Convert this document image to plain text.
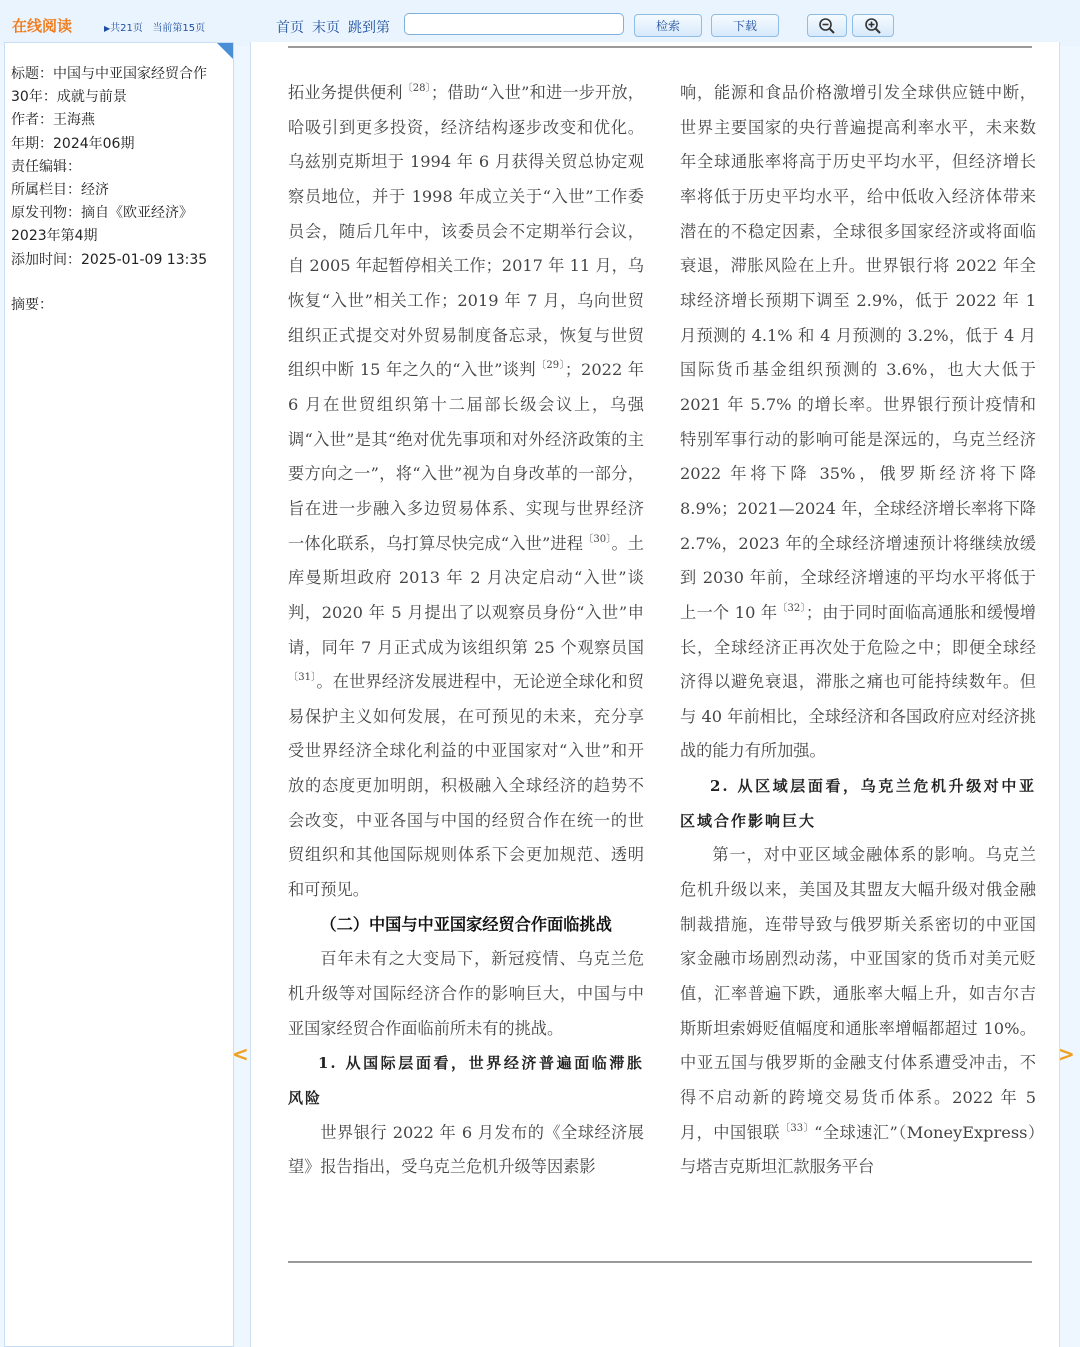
在线阅读	▶共21页 当前第15页	首页 末页 跳到第	检索	下载
标题：中国与中亚国家经贸合作
30年：成就与前景
作者：王海燕
年期：2024年06期
责任编辑：
所属栏目：经济
原发刊物：摘自《欧亚经济》
2023年第4期
添加时间：2025-01-09 13:35
摘要：

拓业务提供便利$^{〔28〕}$；借助“入世”和进一步开放，哈吸引到更多投资，经济结构逐步改变和优化。乌兹别克斯坦于 1994 年 6 月获得关贸总协定观察员地位，并于 1998 年成立关于“入世”工作委员会，随后几年中，该委员会不定期举行会议，自 2005 年起暂停相关工作；2017 年 11 月，乌恢复“入世”相关工作；2019 年 7 月，乌向世贸组织正式提交对外贸易制度备忘录，恢复与世贸组织中断 15 年之久的“入世”谈判$^{〔29〕}$；2022 年 6 月在世贸组织第十二届部长级会议上，乌强调“入世”是其“绝对优先事项和对外经济政策的主要方向之一”，将“入世”视为自身改革的一部分，旨在进一步融入多边贸易体系、实现与世界经济一体化联系，乌打算尽快完成“入世”进程$^{〔30〕}$。土库曼斯坦政府 2013 年 2 月决定启动“入世”谈判，2020 年 5 月提出了以观察员身份“入世”申请，同年 7 月正式成为该组织第 25 个观察员国$^{〔31〕}$。在世界经济发展进程中，无论逆全球化和贸易保护主义如何发展，在可预见的未来，充分享受世界经济全球化利益的中亚国家对“入世”和开放的态度更加明朗，积极融入全球经济的趋势不会改变，中亚各国与中国的经贸合作在统一的世贸组织和其他国际规则体系下会更加规范、透明和可预见。

（二）中国与中亚国家经贸合作面临挑战

百年未有之大变局下，新冠疫情、乌克兰危机升级等对国际经济合作的影响巨大，中国与中亚国家经贸合作面临前所未有的挑战。

1. 从国际层面看，世界经济普遍面临滞胀风险

世界银行 2022 年 6 月发布的《全球经济展望》报告指出，受乌克兰危机升级等因素影

响，能源和食品价格激增引发全球供应链中断，世界主要国家的央行普遍提高利率水平，未来数年全球通胀率将高于历史平均水平，但经济增长率将低于历史平均水平，给中低收入经济体带来潜在的不稳定因素，全球很多国家经济或将面临衰退，滞胀风险在上升。世界银行将 2022 年全球经济增长预期下调至 2.9%，低于 2022 年 1 月预测的 4.1% 和 4 月预测的 3.2%，低于 4 月国际货币基金组织预测的 3.6%，也大大低于 2021 年 5.7% 的增长率。世界银行预计疫情和特别军事行动的影响可能是深远的，乌克兰经济 2022 年将下降 35%，俄罗斯经济将下降 8.9%；2021—2024 年，全球经济增长率将下降 2.7%，2023 年的全球经济增速预计将继续放缓到 2030 年前，全球经济增速的平均水平将低于上一个 10 年$^{〔32〕}$；由于同时面临高通胀和缓慢增长，全球经济正再次处于危险之中；即便全球经济得以避免衰退，滞胀之痛也可能持续数年。但与 40 年前相比，全球经济和各国政府应对经济挑战的能力有所加强。

2. 从区域层面看，乌克兰危机升级对中亚区域合作影响巨大

第一，对中亚区域金融体系的影响。乌克兰危机升级以来，美国及其盟友大幅升级对俄金融制裁措施，连带导致与俄罗斯关系密切的中亚国家金融市场剧烈动荡，中亚国家的货币对美元贬值，汇率普遍下跌，通胀率大幅上升，如吉尔吉斯斯坦索姆贬值幅度和通胀率增幅都超过 10%。中亚五国与俄罗斯的金融支付体系遭受冲击，不得不启动新的跨境交易货币体系。2022 年 5 月，中国银联$^{〔33〕}$“全球速汇”（MoneyExpress）与塔吉克斯坦汇款服务平台

<	>
